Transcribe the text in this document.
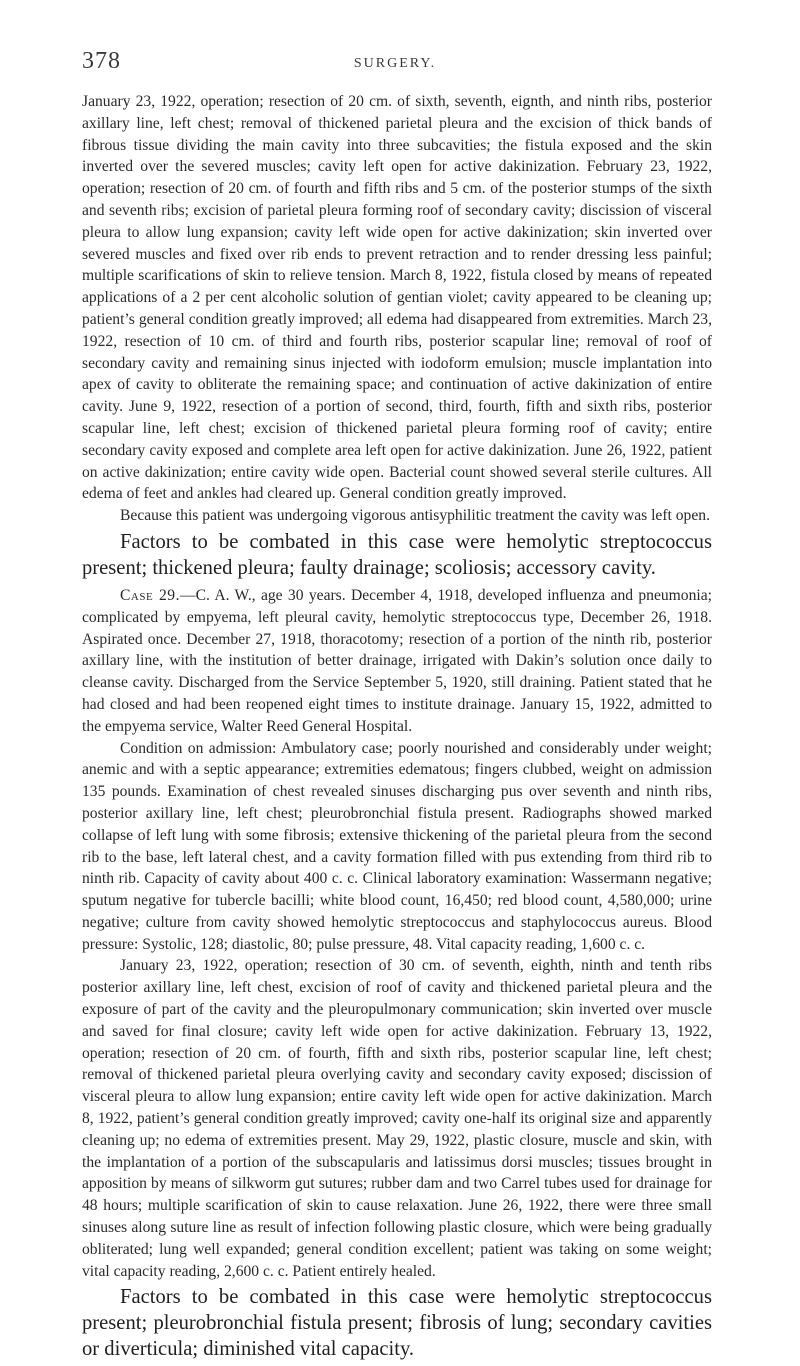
378	SURGERY.

January 23, 1922, operation; resection of 20 cm. of sixth, seventh, eignth, and ninth ribs, posterior axillary line, left chest; removal of thickened parietal pleura and the excision of thick bands of fibrous tissue dividing the main cavity into three subcavities; the fistula exposed and the skin inverted over the severed muscles; cavity left open for active dakinization. February 23, 1922, operation; resection of 20 cm. of fourth and fifth ribs and 5 cm. of the posterior stumps of the sixth and seventh ribs; excision of parietal pleura forming roof of secondary cavity; discission of visceral pleura to allow lung expansion; cavity left wide open for active dakinization; skin inverted over severed muscles and fixed over rib ends to prevent retraction and to render dressing less painful; multiple scarifications of skin to relieve tension. March 8, 1922, fistula closed by means of repeated applications of a 2 per cent alcoholic solution of gentian violet; cavity appeared to be cleaning up; patient’s general condition greatly improved; all edema had disappeared from extremities. March 23, 1922, resection of 10 cm. of third and fourth ribs, posterior scapular line; removal of roof of secondary cavity and remaining sinus injected with iodoform emulsion; muscle implantation into apex of cavity to obliterate the remaining space; and continuation of active dakinization of entire cavity. June 9, 1922, resection of a portion of second, third, fourth, fifth and sixth ribs, posterior scapular line, left chest; excision of thickened parietal pleura forming roof of cavity; entire secondary cavity exposed and complete area left open for active dakinization. June 26, 1922, patient on active dakinization; entire cavity wide open. Bacterial count showed several sterile cultures. All edema of feet and ankles had cleared up. General condition greatly improved.

Because this patient was undergoing vigorous antisyphilitic treatment the cavity was left open.

Factors to be combated in this case were hemolytic streptococcus present; thickened pleura; faulty drainage; scoliosis; accessory cavity.

Case 29.—C. A. W., age 30 years. December 4, 1918, developed influenza and pneumonia; complicated by empyema, left pleural cavity, hemolytic streptococcus type, December 26, 1918. Aspirated once. December 27, 1918, thoracotomy; resection of a portion of the ninth rib, posterior axillary line, with the institution of better drainage, irrigated with Dakin’s solution once daily to cleanse cavity. Discharged from the Service September 5, 1920, still draining. Patient stated that he had closed and had been reopened eight times to institute drainage. January 15, 1922, admitted to the empyema service, Walter Reed General Hospital.

Condition on admission: Ambulatory case; poorly nourished and considerably under weight; anemic and with a septic appearance; extremities edematous; fingers clubbed, weight on admission 135 pounds. Examination of chest revealed sinuses discharging pus over seventh and ninth ribs, posterior axillary line, left chest; pleurobronchial fistula present. Radiographs showed marked collapse of left lung with some fibrosis; extensive thickening of the parietal pleura from the second rib to the base, left lateral chest, and a cavity formation filled with pus extending from third rib to ninth rib. Capacity of cavity about 400 c. c. Clinical laboratory examination: Wassermann negative; sputum negative for tubercle bacilli; white blood count, 16,450; red blood count, 4,580,000; urine negative; culture from cavity showed hemolytic streptococcus and staphylococcus aureus. Blood pressure: Systolic, 128; diastolic, 80; pulse pressure, 48. Vital capacity reading, 1,600 c. c.

January 23, 1922, operation; resection of 30 cm. of seventh, eighth, ninth and tenth ribs posterior axillary line, left chest, excision of roof of cavity and thickened parietal pleura and the exposure of part of the cavity and the pleuropulmonary communication; skin inverted over muscle and saved for final closure; cavity left wide open for active dakinization. February 13, 1922, operation; resection of 20 cm. of fourth, fifth and sixth ribs, posterior scapular line, left chest; removal of thickened parietal pleura overlying cavity and secondary cavity exposed; discission of visceral pleura to allow lung expansion; entire cavity left wide open for active dakinization. March 8, 1922, patient’s general condition greatly improved; cavity one-half its original size and apparently cleaning up; no edema of extremities present. May 29, 1922, plastic closure, muscle and skin, with the implantation of a portion of the subscapularis and latissimus dorsi muscles; tissues brought in apposition by means of silkworm gut sutures; rubber dam and two Carrel tubes used for drainage for 48 hours; multiple scarification of skin to cause relaxation. June 26, 1922, there were three small sinuses along suture line as result of infection following plastic closure, which were being gradually obliterated; lung well expanded; general condition excellent; patient was taking on some weight; vital capacity reading, 2,600 c. c. Patient entirely healed.

Factors to be combated in this case were hemolytic streptococcus present; pleurobronchial fistula present; fibrosis of lung; secondary cavities or diverticula; diminished vital capacity.
